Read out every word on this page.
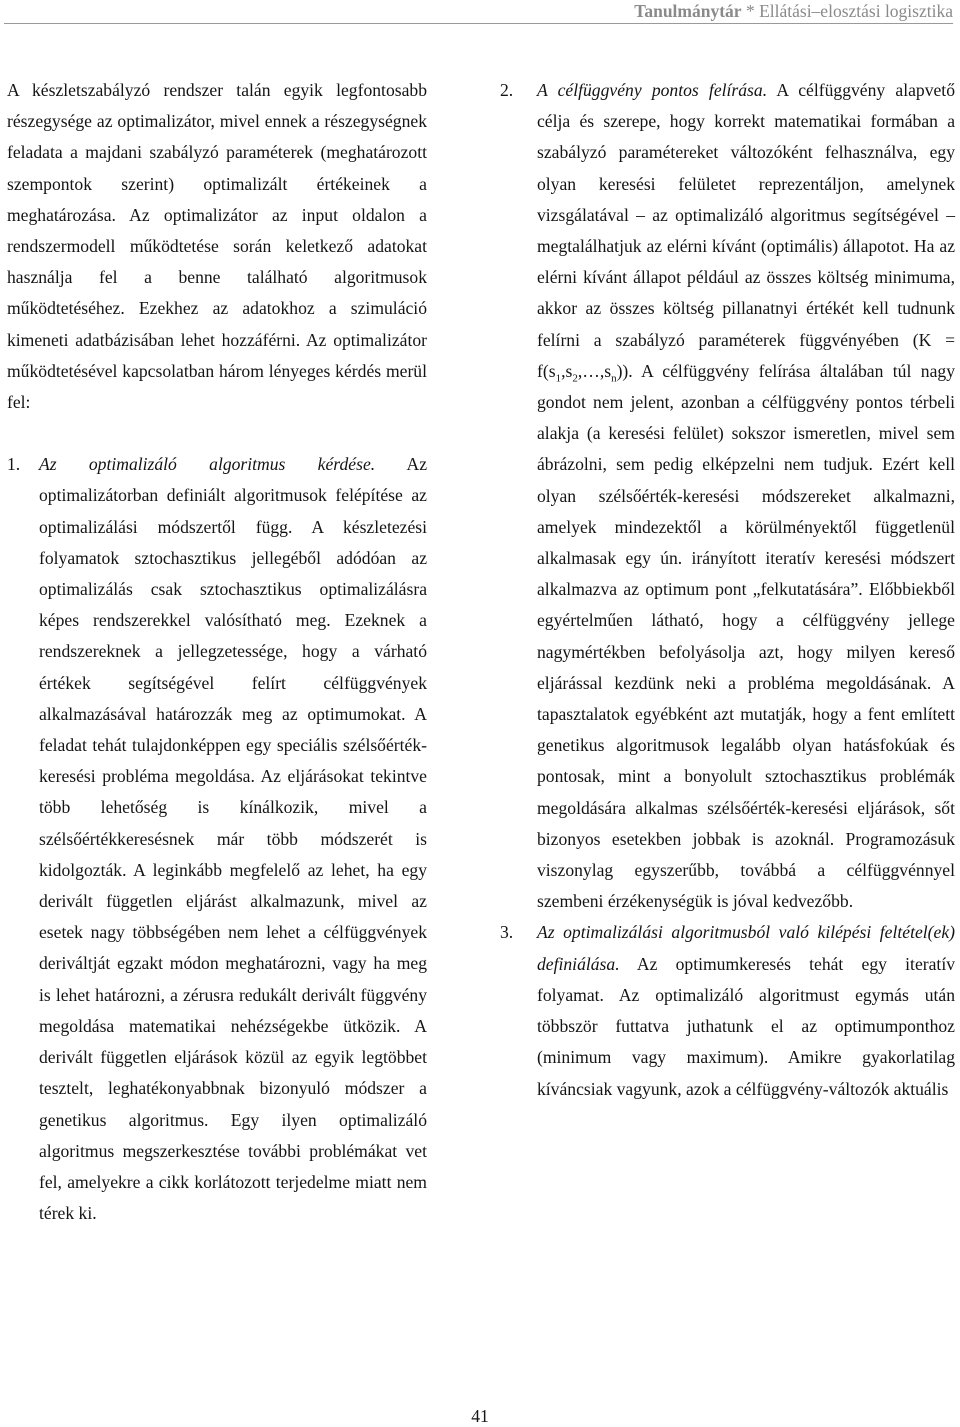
Tanulmánytár * Ellátási–elosztási logisztika

A készletszabályzó rendszer talán egyik legfontosabb részegysége az optimalizátor, mivel ennek a részegységnek feladata a majdani szabályzó paraméterek (meghatározott szempontok szerint) optimalizált értékeinek a meghatározása. Az optimalizátor az input oldalon a rendszermodell működtetése során keletkező adatokat használja fel a benne található algoritmusok működtetéséhez. Ezekhez az adatokhoz a szimuláció kimeneti adatbázisában lehet hozzáférni. Az optimalizátor működtetésével kapcsolatban három lényeges kérdés merül fel:

1. Az optimalizáló algoritmus kérdése. Az optimalizátorban definiált algoritmusok felépítése az optimalizálási módszertől függ. A készletezési folyamatok sztochasztikus jellegéből adódóan az optimalizálás csak sztochasztikus optimalizálásra képes rendszerekkel valósítható meg. Ezeknek a rendszereknek a jellegzetessége, hogy a várható értékek segítségével felírt célfüggvények alkalmazásával határozzák meg az optimumokat. A feladat tehát tulajdonképpen egy speciális szélsőérték-keresési probléma megoldása. Az eljárásokat tekintve több lehetőség is kínálkozik, mivel a szélsőértékkeresésnek már több módszerét is kidolgozták. A leginkább megfelelő az lehet, ha egy derivált független eljárást alkalmazunk, mivel az esetek nagy többségében nem lehet a célfüggvények deriváltját egzakt módon meghatározni, vagy ha meg is lehet határozni, a zérusra redukált derivált függvény megoldása matematikai nehézségekbe ütközik. A derivált független eljárások közül az egyik legtöbbet tesztelt, leghatékonyabbnak bizonyuló módszer a genetikus algoritmus. Egy ilyen optimalizáló algoritmus megszerkesztése további problémákat vet fel, amelyekre a cikk korlátozott terjedelme miatt nem térek ki.

2. A célfüggvény pontos felírása. A célfüggvény alapvető célja és szerepe, hogy korrekt matematikai formában a szabályzó paramétereket változóként felhasználva, egy olyan keresési felületet reprezentáljon, amelynek vizsgálatával – az optimalizáló algoritmus segítségével – megtalálhatjuk az elérni kívánt (optimális) állapotot. Ha az elérni kívánt állapot például az összes költség minimuma, akkor az összes költség pillanatnyi értékét kell tudnunk felírni a szabályzó paraméterek függvényében $(K = f(s_1,s_2,\dots,s_n))$. A célfüggvény felírása általában túl nagy gondot nem jelent, azonban a célfüggvény pontos térbeli alakja (a keresési felület) sokszor ismeretlen, mivel sem ábrázolni, sem pedig elképzelni nem tudjuk. Ezért kell olyan szélsőérték-keresési módszereket alkalmazni, amelyek mindezektől a körülményektől függetlenül alkalmasak egy ún. irányított iteratív keresési módszert alkalmazva az optimum pont „felkutatására”. Előbbiekből egyértelműen látható, hogy a célfüggvény jellege nagymértékben befolyásolja azt, hogy milyen kereső eljárással kezdünk neki a probléma megoldásának. A tapasztalatok egyébként azt mutatják, hogy a fent említett genetikus algoritmusok legalább olyan hatásfokúak és pontosak, mint a bonyolult sztochasztikus problémák megoldására alkalmas szélsőérték-keresési eljárások, sőt bizonyos esetekben jobbak is azoknál. Programozásuk viszonylag egyszerűbb, továbbá a célfüggvénnyel szembeni érzékenységük is jóval kedvezőbb.

3. Az optimalizálási algoritmusból való kilépési feltétel(ek) definiálása. Az optimumkeresés tehát egy iteratív folyamat. Az optimalizáló algoritmust egymás után többször futtatva juthatunk el az optimumponthoz (minimum vagy maximum). Amikre gyakorlatilag kíváncsiak vagyunk, azok a célfüggvény-változók aktuális

41
